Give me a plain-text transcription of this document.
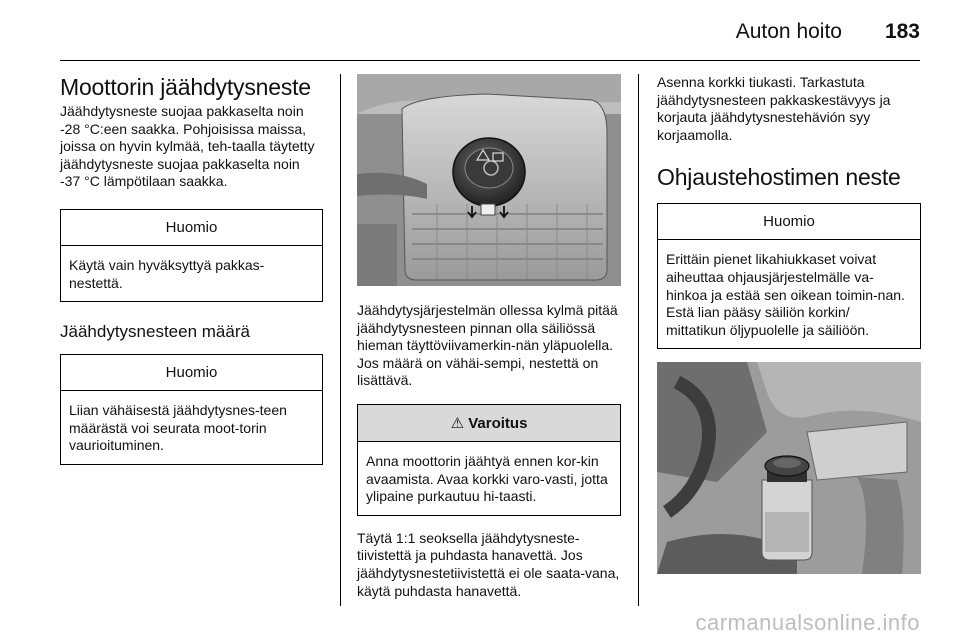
Auton hoito 183
Moottorin jäähdytysneste

Jäähdytysneste suojaa pakkaselta noin -28 °C:een saakka. Pohjoisissa maissa, joissa on hyvin kylmää, teh-taalla täytetty jäähdytysneste suojaa pakkaselta noin -37 °C lämpötilaan saakka.

Huomio
Käytä vain hyväksyttyä pakkas-nestettä.
Jäähdytysnesteen määrä
Huomio
Liian vähäisestä jäähdytysnes-teen määrästä voi seurata moot-torin vaurioituminen.

Jäähdytysjärjestelmän ollessa kylmä pitää jäähdytysnesteen pinnan olla säiliössä hieman täyttöviivamerkin-nän yläpuolella. Jos määrä on vähäi-sempi, nestettä on lisättävä.

⚠ Varoitus
Anna moottorin jäähtyä ennen kor-kin avaamista. Avaa korkki varo-vasti, jotta ylipaine purkautuu hi-taasti.

Täytä 1:1 seoksella jäähdytysneste-tiivistettä ja puhdasta hanavettä. Jos jäähdytysnestetiivistettä ei ole saata-vana, käytä puhdasta hanavettä.

Asenna korkki tiukasti. Tarkastuta jäähdytysnesteen pakkaskestävyys ja korjauta jäähdytysnestehävión syy korjaamolla.

Ohjaustehostimen neste
Huomio
Erittäin pienet likahiukkaset voivat aiheuttaa ohjausjärjestelmälle va-hinkoa ja estää sen oikean toimin-nan. Estä lian pääsy säiliön korkin/ mittatikun öljypuolelle ja säiliöön.
carmanualsonline.info
